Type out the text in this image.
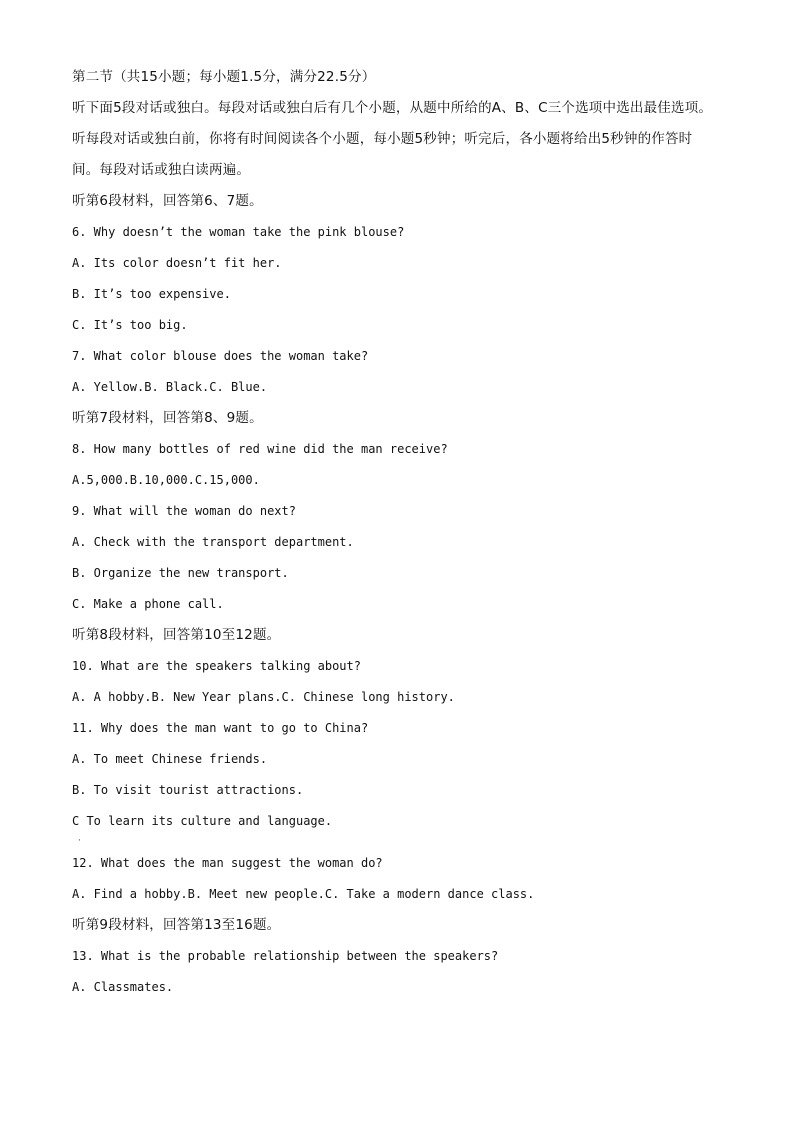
第二节（共15小题；每小题1.5分，满分22.5分）
听下面5段对话或独白。每段对话或独白后有几个小题，从题中所给的A、B、C三个选项中选出最佳选项。
听每段对话或独白前，你将有时间阅读各个小题，每小题5秒钟；听完后，各小题将给出5秒钟的作答时
间。每段对话或独白读两遍。
听第6段材料，回答第6、7题。
6. Why doesn’t the woman take the pink blouse?
A. Its color doesn’t fit her.
B. It’s too expensive.
C. It’s too big.
7. What color blouse does the woman take?
A. Yellow.B. Black.C. Blue.
听第7段材料，回答第8、9题。
8. How many bottles of red wine did the man receive?
A.5,000.B.10,000.C.15,000.
9. What will the woman do next?
A. Check with the transport department.
B. Organize the new transport.
C. Make a phone call.
听第8段材料，回答第10至12题。
10. What are the speakers talking about?
A. A hobby.B. New Year plans.C. Chinese long history.
11. Why does the man want to go to China?
A. To meet Chinese friends.
B. To visit tourist attractions.
C To learn its culture and language.
·
12. What does the man suggest the woman do?
A. Find a hobby.B. Meet new people.C. Take a modern dance class.
听第9段材料，回答第13至16题。
13. What is the probable relationship between the speakers?
A. Classmates.
